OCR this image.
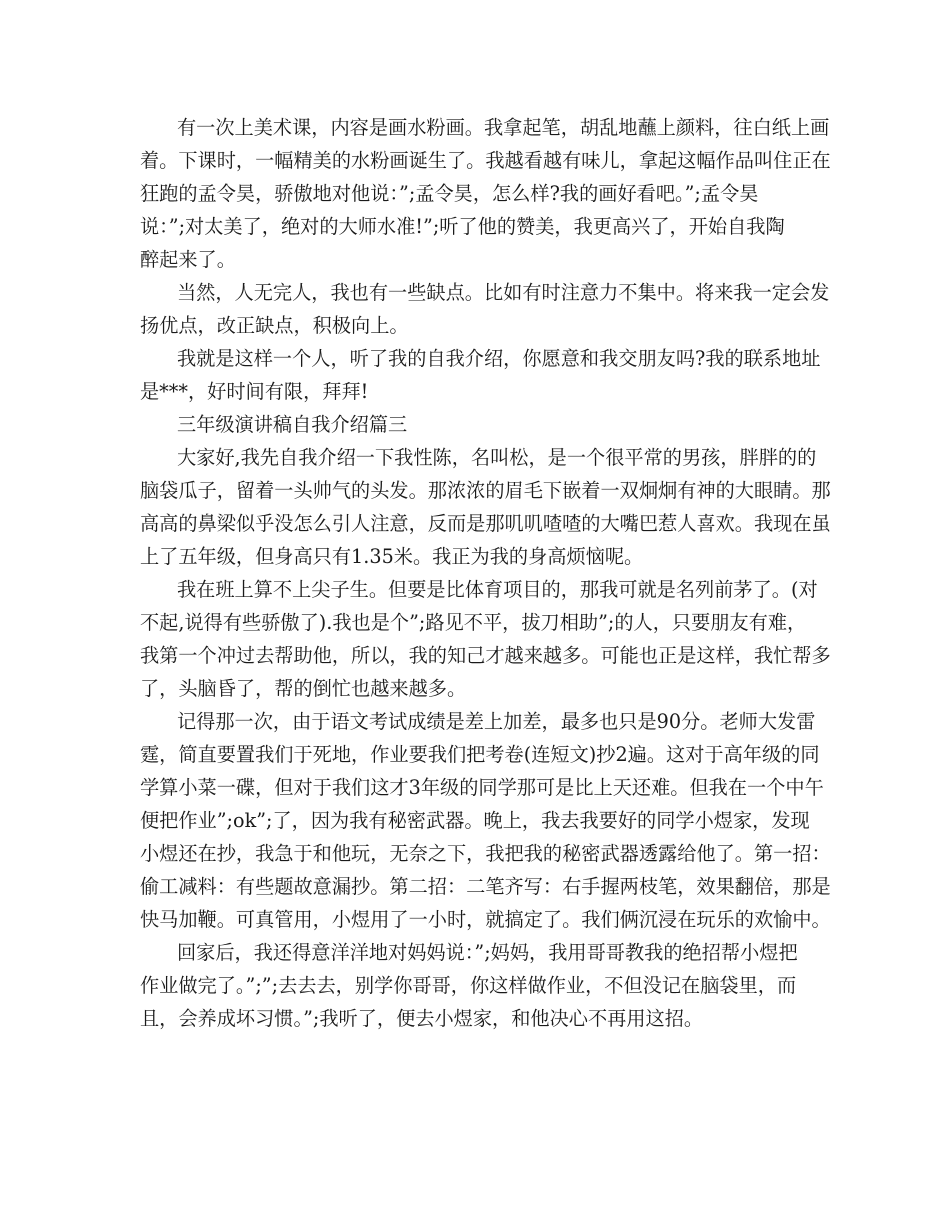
有一次上美术课，内容是画水粉画。我拿起笔，胡乱地蘸上颜料，往白纸上画
着。下课时，一幅精美的水粉画诞生了。我越看越有味儿，拿起这幅作品叫住正在
狂跑的孟令昊，骄傲地对他说：”;孟令昊，怎么样?我的画好看吧。”;孟令昊
说：”;对太美了，绝对的大师水准!”;听了他的赞美，我更高兴了，开始自我陶
醉起来了。
当然，人无完人，我也有一些缺点。比如有时注意力不集中。将来我一定会发
扬优点，改正缺点，积极向上。
我就是这样一个人，听了我的自我介绍，你愿意和我交朋友吗?我的联系地址
是***，好时间有限，拜拜!
三年级演讲稿自我介绍篇三
大家好,我先自我介绍一下我性陈，名叫松，是一个很平常的男孩，胖胖的的
脑袋瓜子，留着一头帅气的头发。那浓浓的眉毛下嵌着一双炯炯有神的大眼睛。那
高高的鼻梁似乎没怎么引人注意，反而是那叽叽喳喳的大嘴巴惹人喜欢。我现在虽
上了五年级，但身高只有1.35米。我正为我的身高烦恼呢。
我在班上算不上尖子生。但要是比体育项目的，那我可就是名列前茅了。(对
不起,说得有些骄傲了).我也是个”;路见不平，拔刀相助”;的人，只要朋友有难，
我第一个冲过去帮助他，所以，我的知己才越来越多。可能也正是这样，我忙帮多
了，头脑昏了，帮的倒忙也越来越多。
记得那一次，由于语文考试成绩是差上加差，最多也只是90分。老师大发雷
霆，简直要置我们于死地，作业要我们把考卷(连短文)抄2遍。这对于高年级的同
学算小菜一碟，但对于我们这才3年级的同学那可是比上天还难。但我在一个中午
便把作业”;ok”;了，因为我有秘密武器。晚上，我去我要好的同学小煜家，发现
小煜还在抄，我急于和他玩，无奈之下，我把我的秘密武器透露给他了。第一招：
偷工减料：有些题故意漏抄。第二招：二笔齐写：右手握两枝笔，效果翻倍，那是
快马加鞭。可真管用，小煜用了一小时，就搞定了。我们俩沉浸在玩乐的欢愉中。
回家后，我还得意洋洋地对妈妈说：”;妈妈，我用哥哥教我的绝招帮小煜把
作业做完了。”;”;去去去，别学你哥哥，你这样做作业，不但没记在脑袋里，而
且，会养成坏习惯。”;我听了，便去小煜家，和他决心不再用这招。
